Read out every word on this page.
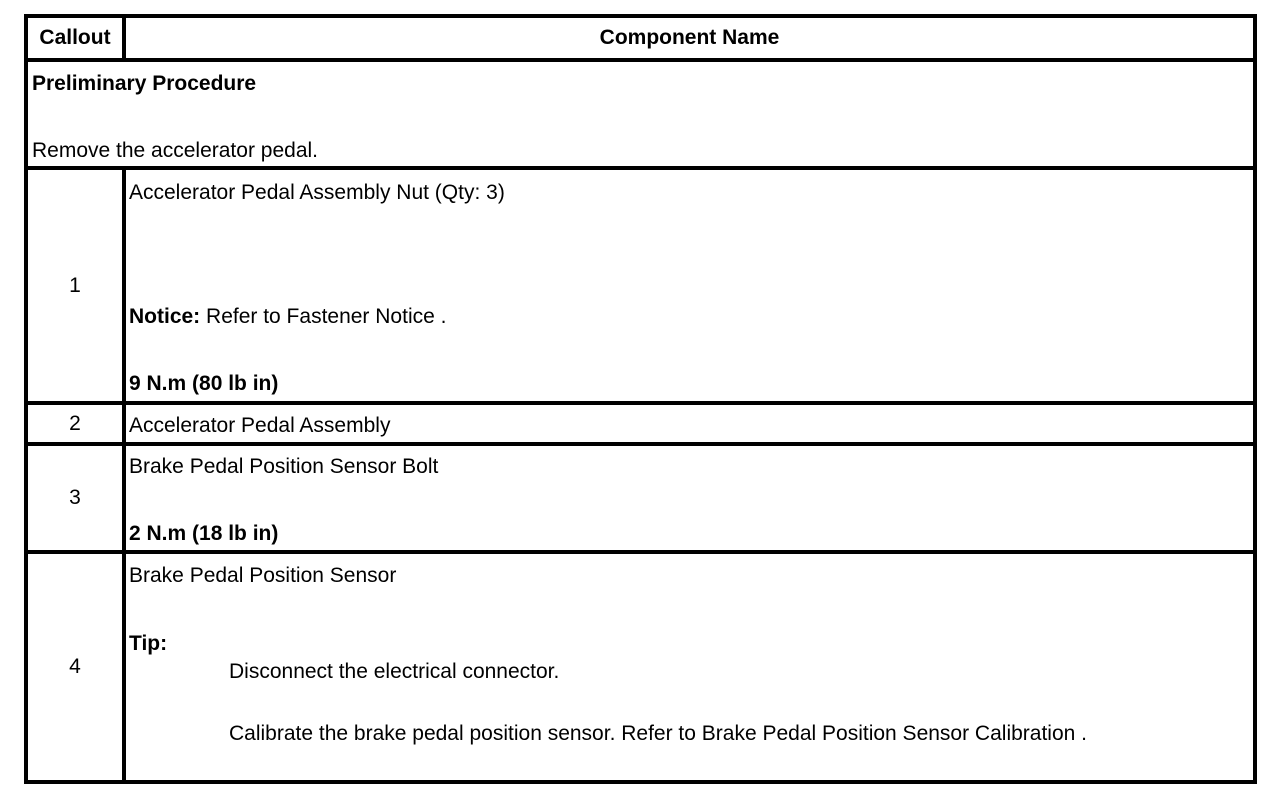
Callout	Component Name
Preliminary Procedure
Remove the accelerator pedal.
1
Accelerator Pedal Assembly Nut (Qty: 3)
Notice: Refer to Fastener Notice .
9 N.m (80 lb in)
2 Accelerator Pedal Assembly
3
Brake Pedal Position Sensor Bolt
2 N.m (18 lb in)
4
Brake Pedal Position Sensor
Tip:
Disconnect the electrical connector.
Calibrate the brake pedal position sensor. Refer to Brake Pedal Position Sensor Calibration .
